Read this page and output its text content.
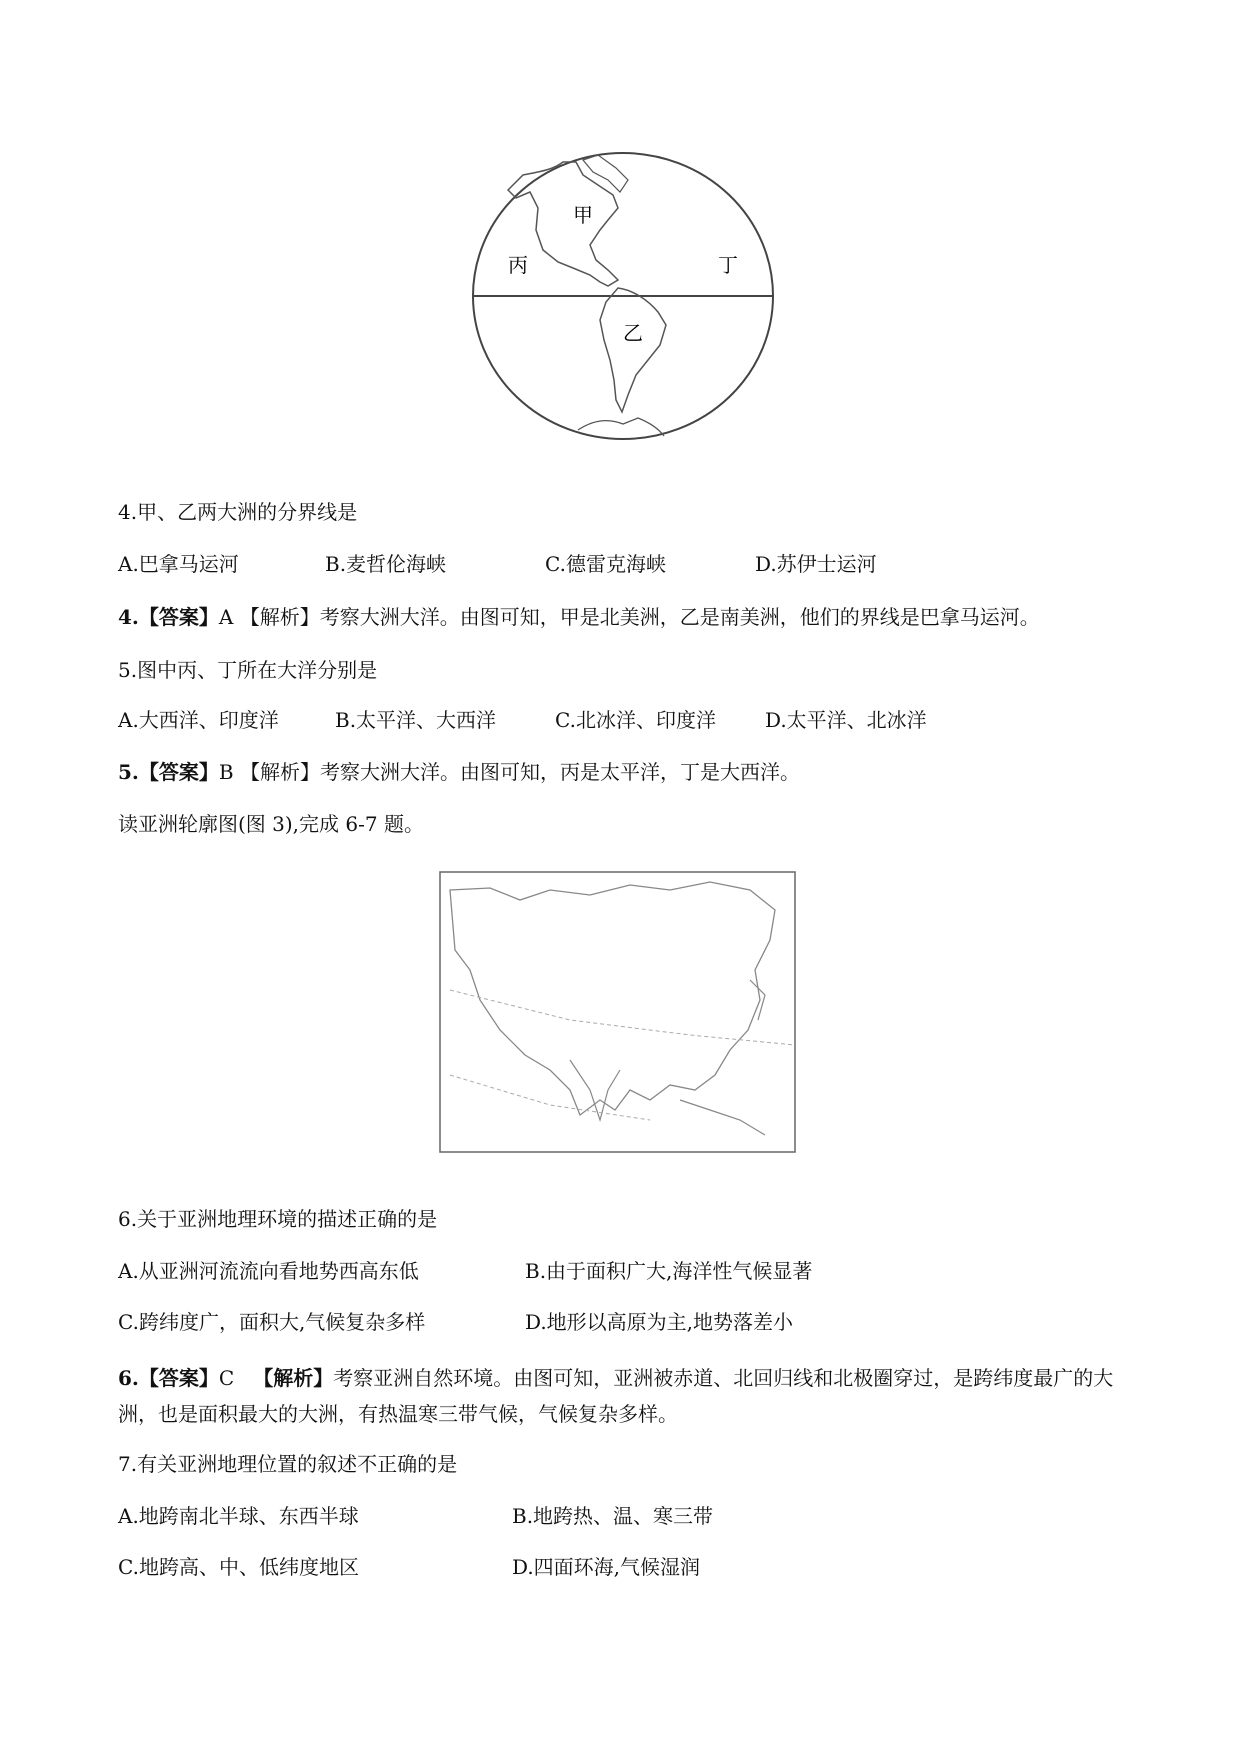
甲
乙
丙	丁
4.甲、乙两大洲的分界线是
A.巴拿马运河	B.麦哲伦海峡	C.德雷克海峡	D.苏伊士运河
4.【答案】A 【解析】考察大洲大洋。由图可知，甲是北美洲，乙是南美洲，他们的界线是巴拿马运河。
5.图中丙、丁所在大洋分别是
A.大西洋、印度洋	B.太平洋、大西洋	C.北冰洋、印度洋 D.太平洋、北冰洋
5.【答案】B 【解析】考察大洲大洋。由图可知，丙是太平洋，丁是大西洋。
读亚洲轮廓图(图 3),完成 6-7 题。
6.关于亚洲地理环境的描述正确的是
A.从亚洲河流流向看地势西高东低	B.由于面积广大,海洋性气候显著
C.跨纬度广，面积大,气候复杂多样	D.地形以高原为主,地势落差小
6.【答案】C 【解析】考察亚洲自然环境。由图可知，亚洲被赤道、北回归线和北极圈穿过，是跨纬度最广的大洲，也是面积最大的大洲，有热温寒三带气候，气候复杂多样。
7.有关亚洲地理位置的叙述不正确的是
A.地跨南北半球、东西半球	B.地跨热、温、寒三带
C.地跨高、中、低纬度地区	D.四面环海,气候湿润
